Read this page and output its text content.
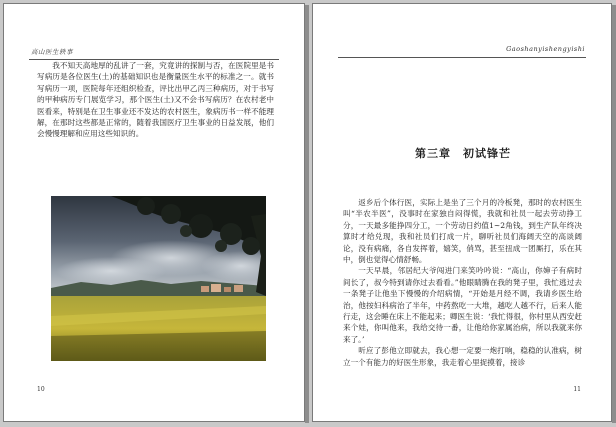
高山医生轶事

我不知天高地厚的乱讲了一套，究竟讲的探制与否，在医院里是书写病历是各位医生(土)的基础知识也是衡量医生水平的标准之一。就书写病历一项，医院每年还组织检查，评比出甲乙丙三种病历，对于书写的甲种病历专门展览学习，那个医生(土)又不会书写病历？在农村老中医看来，特别是在卫生事业还不发达的农村医生，象病历书一样不能理解，在那时这些都是正常的，随着我国医疗卫生事业的日益发展，他们会慢慢理解和应用这些知识的。

10
Gaoshanyishengyishi
第三章　初试锋芒

返乡后个体行医，实际上是坐了三个月的冷板凳，那时的农村医生叫“半农半医”，没事时在家独自闷得慌，我就和社员一起去劳动挣工分，一天最多能挣四分工，一个劳动日约值1~2角钱，到生产队年终决算时才给兑现，我和社员们打成一片，聊听社员们海阔天空的高谈阔论，没有病痛，各自发挥着，嬉笑，俏骂，甚至扭成一团厮打，乐在其中，倒也觉得心情舒畅。

一天早晨，邻居纪大爷闯进门来笑吟吟说：“高山，你婶子有病时间长了，叔今特到请你过去看看。”他眼睛腾在我的凳子里，我忙逃过去一条凳子让他坐下慢慢的介绍病情，“开始是月经不调，我请乡医生给治，他按妇科病治了半年，中药熬吃一大堆，越吃人越不行，后来人能行走，这会睡在床上不能起来；卿医生说：‘我忙得很，你村里从西安赶来个娃，你叫他来，我给交待一番，让他给你家属治病，所以我就来你来了。’

听应了彭他立即就去，我心想一定要一炮打响，稳稳的认准病，树立一个有能力的好医生形象，我走着心里捉摸着，接诊

11
